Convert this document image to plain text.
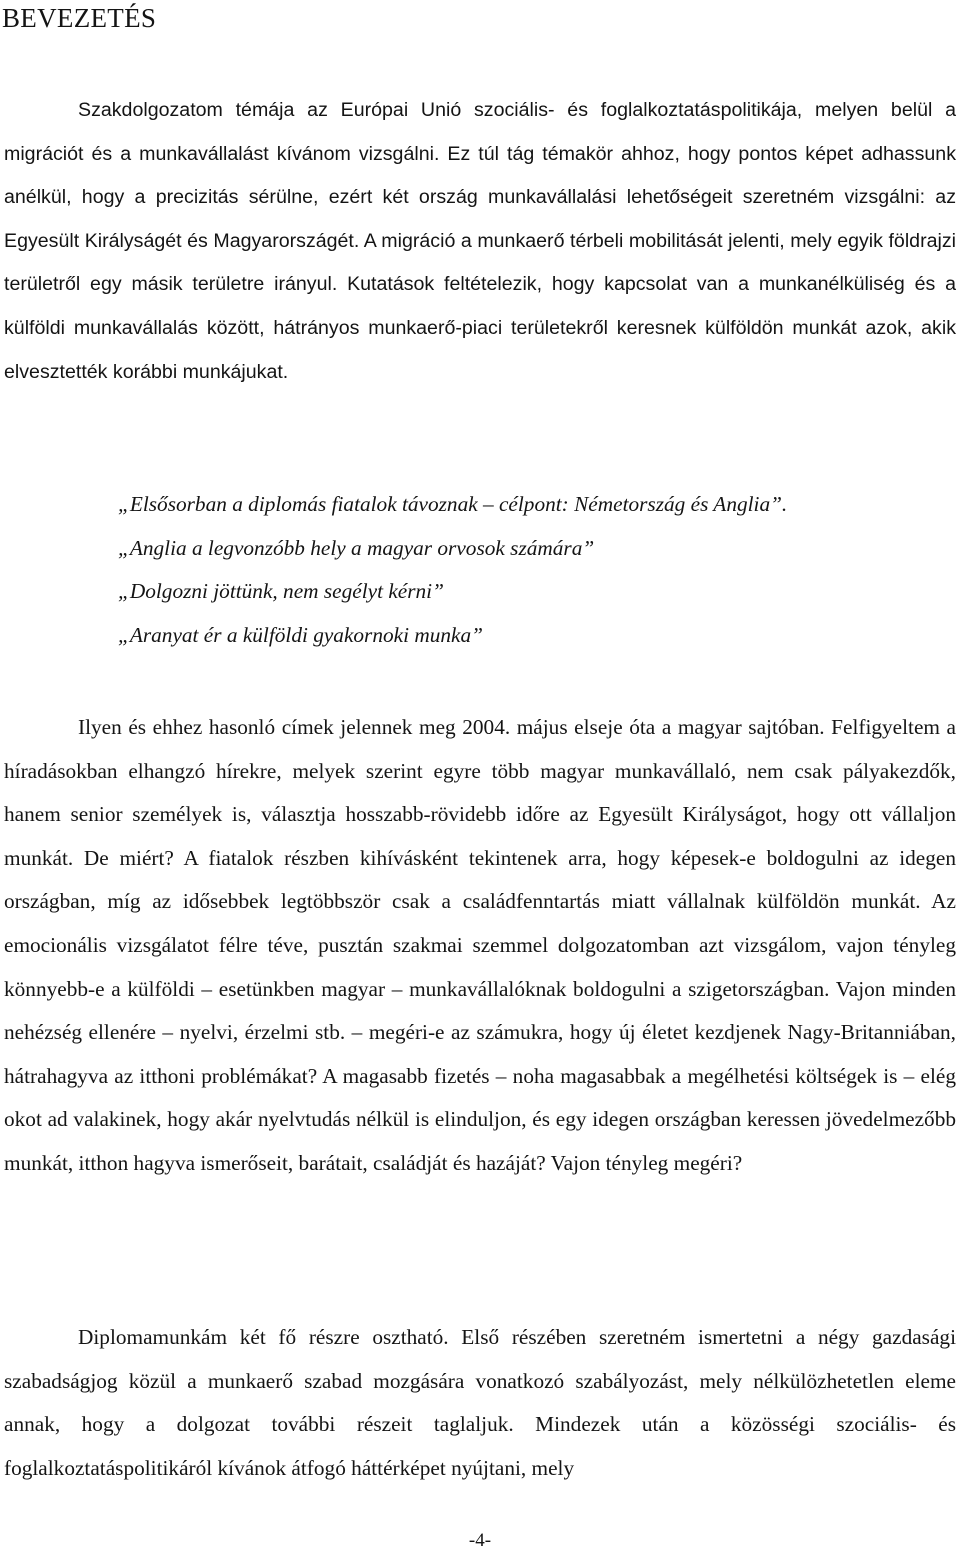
BEVEZETÉS

Szakdolgozatom témája az Európai Unió szociális- és foglalkoztatáspolitikája, melyen belül a migrációt és a munkavállalást kívánom vizsgálni. Ez túl tág témakör ahhoz, hogy pontos képet adhassunk anélkül, hogy a precizitás sérülne, ezért két ország munkavállalási lehetőségeit szeretném vizsgálni: az Egyesült Királyságét és Magyarországét. A migráció a munkaerő térbeli mobilitását jelenti, mely egyik földrajzi területről egy másik területre irányul. Kutatások feltételezik, hogy kapcsolat van a munkanélküliség és a külföldi munkavállalás között, hátrányos munkaerő-piaci területekről keresnek külföldön munkát azok, akik elvesztették korábbi munkájukat.

„Elsősorban a diplomás fiatalok távoznak – célpont: Németország és Anglia”.
„Anglia a legvonzóbb hely a magyar orvosok számára”
„Dolgozni jöttünk, nem segélyt kérni”
„Aranyat ér a külföldi gyakornoki munka”

Ilyen és ehhez hasonló címek jelennek meg 2004. május elseje óta a magyar sajtóban. Felfigyeltem a híradásokban elhangzó hírekre, melyek szerint egyre több magyar munkavállaló, nem csak pályakezdők, hanem senior személyek is, választja hosszabb-rövidebb időre az Egyesült Királyságot, hogy ott vállaljon munkát. De miért? A fiatalok részben kihívásként tekintenek arra, hogy képesek-e boldogulni az idegen országban, míg az idősebbek legtöbbször csak a családfenntartás miatt vállalnak külföldön munkát. Az emocionális vizsgálatot félre téve, pusztán szakmai szemmel dolgozatomban azt vizsgálom, vajon tényleg könnyebb-e a külföldi – esetünkben magyar – munkavállalóknak boldogulni a szigetországban. Vajon minden nehézség ellenére – nyelvi, érzelmi stb. – megéri-e az számukra, hogy új életet kezdjenek Nagy-Britanniában, hátrahagyva az itthoni problémákat? A magasabb fizetés – noha magasabbak a megélhetési költségek is – elég okot ad valakinek, hogy akár nyelvtudás nélkül is elinduljon, és egy idegen országban keressen jövedelmezőbb munkát, itthon hagyva ismerőseit, barátait, családját és hazáját? Vajon tényleg megéri?

Diplomamunkám két fő részre osztható. Első részében szeretném ismertetni a négy gazdasági szabadságjog közül a munkaerő szabad mozgására vonatkozó szabályozást, mely nélkülözhetetlen eleme annak, hogy a dolgozat további részeit taglaljuk. Mindezek után a közösségi szociális- és foglalkoztatáspolitikáról kívánok átfogó háttérképet nyújtani, mely

-4-
